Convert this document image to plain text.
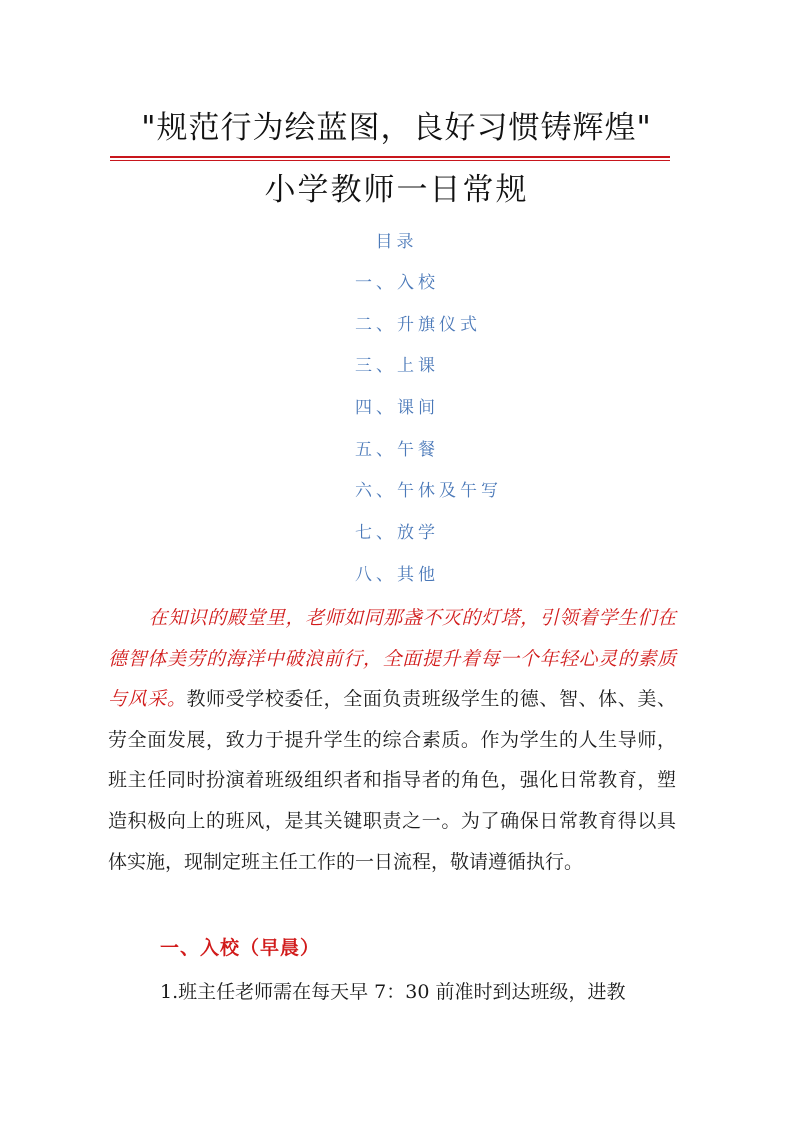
"规范行为绘蓝图，良好习惯铸辉煌"
小学教师一日常规
目录
一、入校
二、升旗仪式
三、上课
四、课间
五、午餐
六、午休及午写
七、放学
八、其他

在知识的殿堂里，老师如同那盏不灭的灯塔，引领着学生们在德智体美劳的海洋中破浪前行，全面提升着每一个年轻心灵的素质与风采。教师受学校委任，全面负责班级学生的德、智、体、美、劳全面发展，致力于提升学生的综合素质。作为学生的人生导师，班主任同时扮演着班级组织者和指导者的角色，强化日常教育，塑造积极向上的班风，是其关键职责之一。为了确保日常教育得以具体实施，现制定班主任工作的一日流程，敬请遵循执行。

一、入校（早晨）
1.班主任老师需在每天早 7：30 前准时到达班级，进教
